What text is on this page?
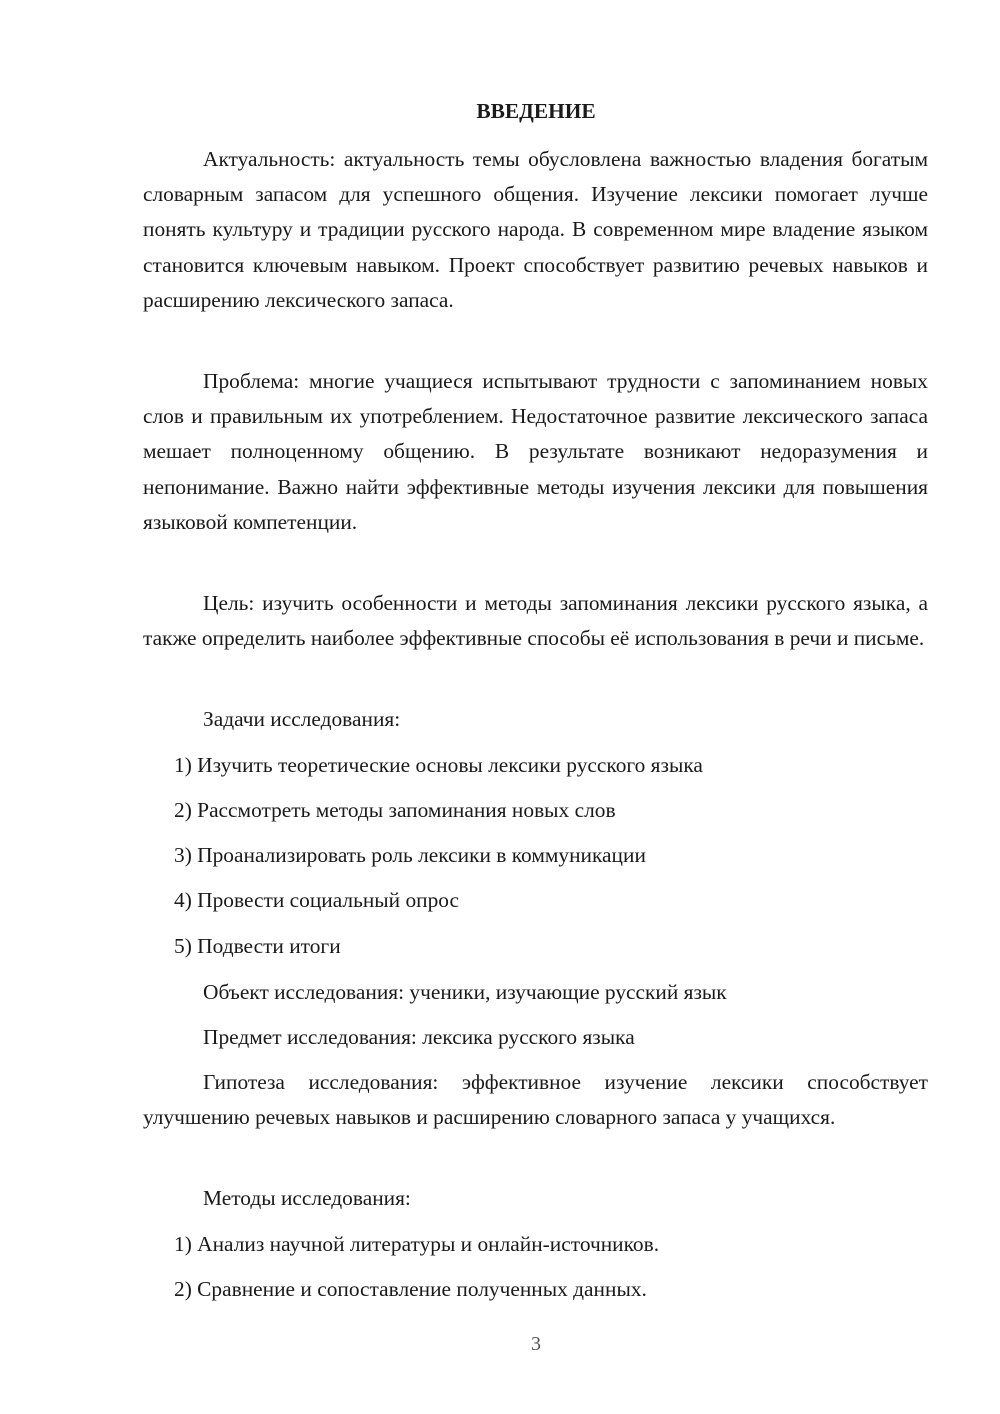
ВВЕДЕНИЕ

Актуальность: актуальность темы обусловлена важностью владения богатым словарным запасом для успешного общения. Изучение лексики помогает лучше понять культуру и традиции русского народа. В современном мире владение языком становится ключевым навыком. Проект способствует развитию речевых навыков и расширению лексического запаса.

Проблема: многие учащиеся испытывают трудности с запоминанием новых слов и правильным их употреблением. Недостаточное развитие лексического запаса мешает полноценному общению. В результате возникают недоразумения и непонимание. Важно найти эффективные методы изучения лексики для повышения языковой компетенции.

Цель: изучить особенности и методы запоминания лексики русского языка, а также определить наиболее эффективные способы её использования в речи и письме.

Задачи исследования:
1) Изучить теоретические основы лексики русского языка
2) Рассмотреть методы запоминания новых слов
3) Проанализировать роль лексики в коммуникации
4) Провести социальный опрос
5) Подвести итоги
Объект исследования: ученики, изучающие русский язык
Предмет исследования: лексика русского языка

Гипотеза исследования: эффективное изучение лексики способствует улучшению речевых навыков и расширению словарного запаса у учащихся.

Методы исследования:
1) Анализ научной литературы и онлайн-источников.
2) Сравнение и сопоставление полученных данных.
3
